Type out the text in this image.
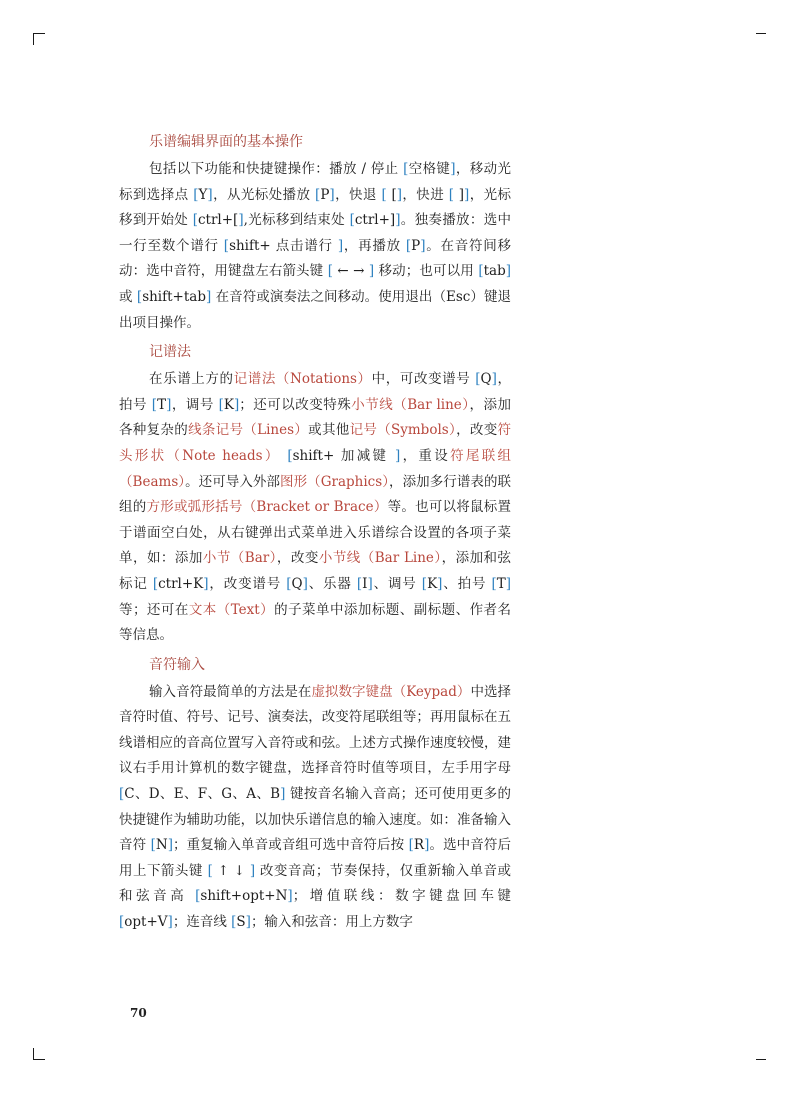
乐谱编辑界面的基本操作

包括以下功能和快捷键操作：播放 / 停止 [空格键]，移动光标到选择点 [Y]，从光标处播放 [P]，快退 [ []，快进 [ ]]，光标移到开始处 [ctrl+[],光标移到结束处 [ctrl+]]。独奏播放：选中一行至数个谱行 [shift+ 点击谱行 ]，再播放 [P]。在音符间移动：选中音符，用键盘左右箭头键 [ ← → ] 移动；也可以用 [tab] 或 [shift+tab] 在音符或演奏法之间移动。使用退出（Esc）键退出项目操作。

记谱法

在乐谱上方的记谱法（Notations）中，可改变谱号 [Q]，拍号 [T]，调号 [K]；还可以改变特殊小节线（Bar line），添加各种复杂的线条记号（Lines）或其他记号（Symbols），改变符头形状（Note heads） [shift+ 加减键 ]，重设符尾联组（Beams）。还可导入外部图形（Graphics），添加多行谱表的联组的方形或弧形括号（Bracket or Brace）等。也可以将鼠标置于谱面空白处，从右键弹出式菜单进入乐谱综合设置的各项子菜单，如：添加小节（Bar），改变小节线（Bar Line），添加和弦标记 [ctrl+K]，改变谱号 [Q]、乐器 [I]、调号 [K]、拍号 [T] 等；还可在文本（Text）的子菜单中添加标题、副标题、作者名等信息。

音符输入

输入音符最简单的方法是在虚拟数字键盘（Keypad）中选择音符时值、符号、记号、演奏法，改变符尾联组等；再用鼠标在五线谱相应的音高位置写入音符或和弦。上述方式操作速度较慢，建议右手用计算机的数字键盘，选择音符时值等项目，左手用字母 [C、D、E、F、G、A、B] 键按音名输入音高；还可使用更多的快捷键作为辅助功能，以加快乐谱信息的输入速度。如：准备输入音符 [N]；重复输入单音或音组可选中音符后按 [R]。选中音符后用上下箭头键 [ ↑ ↓ ] 改变音高；节奏保持，仅重新输入单音或和弦音高 [shift+opt+N]；增值联线：数字键盘回车键 [opt+V]；连音线 [S]；输入和弦音：用上方数字

70
